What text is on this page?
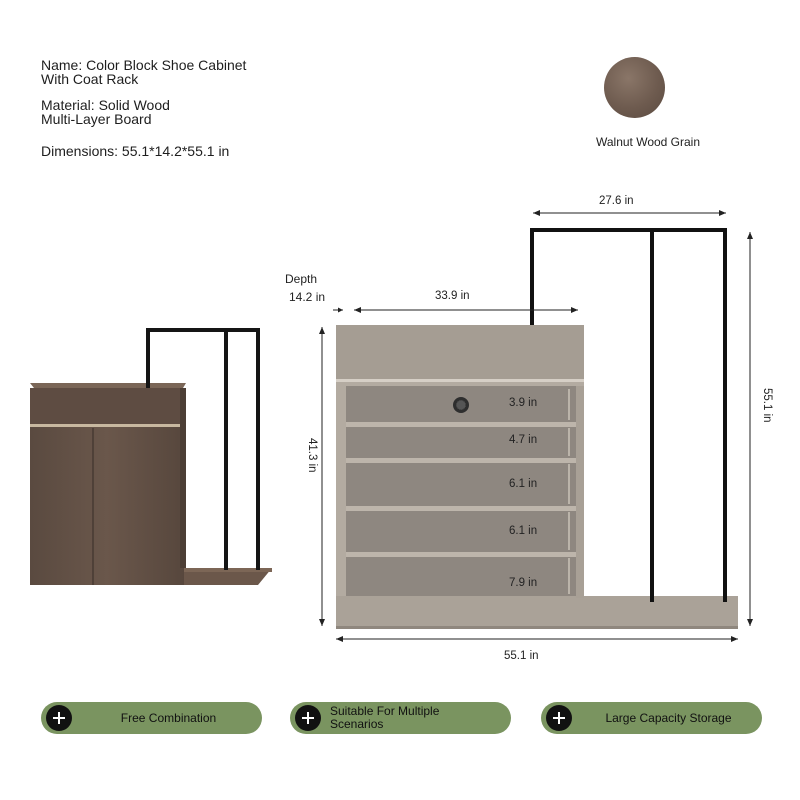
Name: Color Block Shoe Cabinet
With Coat Rack
Material: Solid Wood
Multi-Layer Board
Dimensions: 55.1*14.2*55.1 in
Walnut Wood Grain
27.6 in
Depth
14.2 in	33.9 in
55.1 in
55.1 in
41.3 in
3.9 in
4.7 in
6.1 in
6.1 in
7.9 in
Free Combination	Suitable For Multiple Scenarios	Large Capacity Storage
